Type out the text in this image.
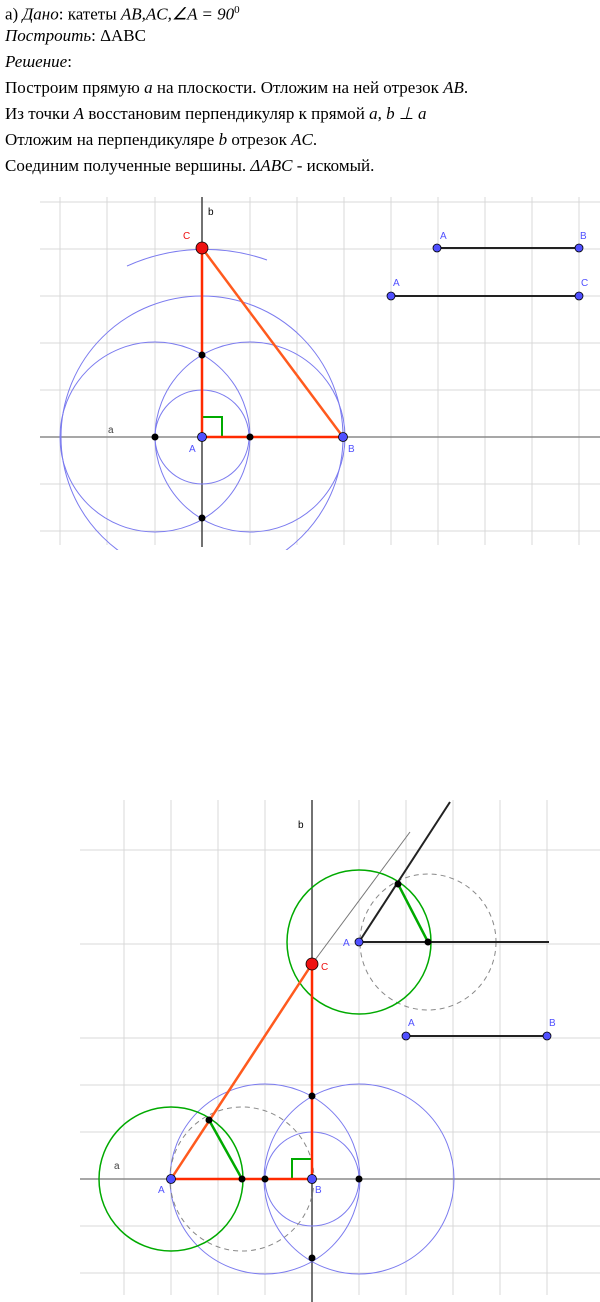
а) Дано: катеты AB,AC,∠A = $90^0$
Построить: ΔABC
Решение:
Построим прямую a на плоскости. Отложим на ней отрезок AB.
Из точки A восстановим перпендикуляр к прямой a, b ⊥ a
Отложим на перпендикуляре b отрезок AC.
Соединим полученные вершины. ΔABC - искомый.
b
a
C
A	B
A	B
A	C
b
a
C
A	B
A
A	B
